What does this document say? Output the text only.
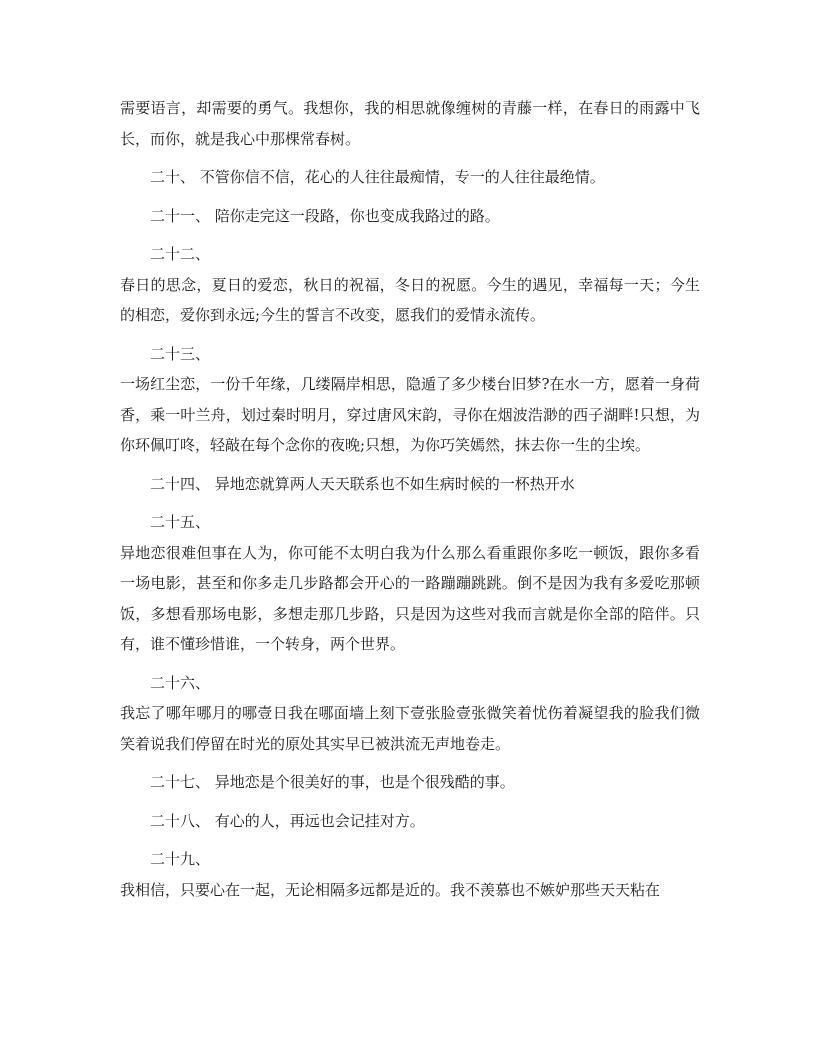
需要语言，却需要的勇气。我想你，我的相思就像缠树的青藤一样，在春日的雨露中飞长，而你，就是我心中那棵常春树。

二十、 不管你信不信，花心的人往往最痴情，专一的人往往最绝情。

二十一、 陪你走完这一段路，你也变成我路过的路。

二十二、

春日的思念，夏日的爱恋，秋日的祝福，冬日的祝愿。今生的遇见，幸福每一天；今生的相恋，爱你到永远;今生的誓言不改变，愿我们的爱情永流传。

二十三、

一场红尘恋，一份千年缘，几缕隔岸相思，隐遁了多少楼台旧梦?在水一方，愿着一身荷香，乘一叶兰舟，划过秦时明月，穿过唐风宋韵，寻你在烟波浩渺的西子湖畔!只想，为你环佩叮咚，轻敲在每个念你的夜晚;只想，为你巧笑嫣然，抹去你一生的尘埃。

二十四、 异地恋就算两人天天联系也不如生病时候的一杯热开水

二十五、

异地恋很难但事在人为，你可能不太明白我为什么那么看重跟你多吃一顿饭，跟你多看一场电影，甚至和你多走几步路都会开心的一路蹦蹦跳跳。倒不是因为我有多爱吃那顿饭，多想看那场电影，多想走那几步路，只是因为这些对我而言就是你全部的陪伴。只有，谁不懂珍惜谁，一个转身，两个世界。

二十六、

我忘了哪年哪月的哪壹日我在哪面墙上刻下壹张脸壹张微笑着忧伤着凝望我的脸我们微笑着说我们停留在时光的原处其实早已被洪流无声地卷走。

二十七、 异地恋是个很美好的事，也是个很残酷的事。

二十八、 有心的人，再远也会记挂对方。

二十九、

我相信，只要心在一起，无论相隔多远都是近的。我不羡慕也不嫉妒那些天天粘在
